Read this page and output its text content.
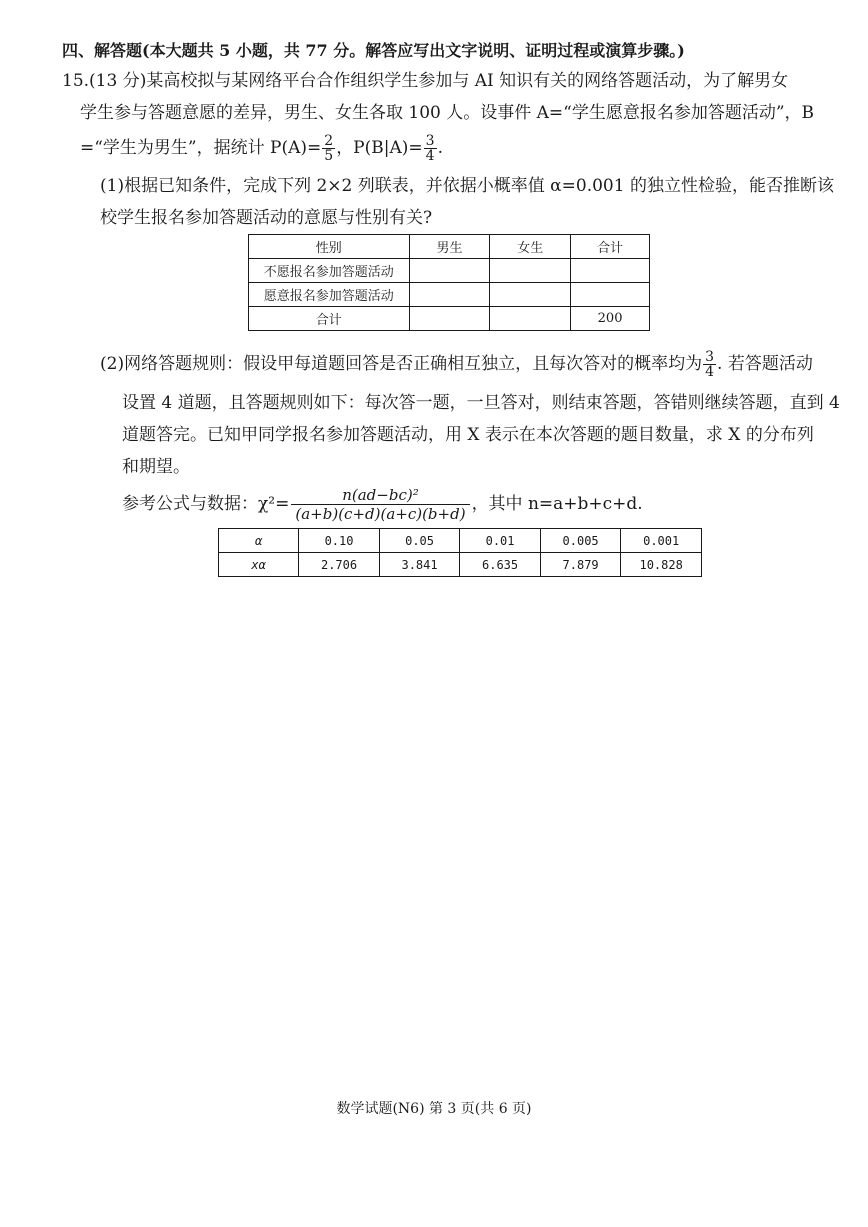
四、解答题(本大题共 5 小题，共 77 分。解答应写出文字说明、证明过程或演算步骤。)
15.(13 分)某高校拟与某网络平台合作组织学生参加与 AI 知识有关的网络答题活动，为了解男女
学生参与答题意愿的差异，男生、女生各取 100 人。设事件 A=“学生愿意报名参加答题活动”，B
=“学生为男生”，据统计 $P(A)= \frac{2}{5}$ ，$P(B|A)= \frac{3}{4}$ .
(1)根据已知条件，完成下列 2×2 列联表，并依据小概率值 α=0.001 的独立性检验，能否推断该
校学生报名参加答题活动的意愿与性别有关?
性别	男生	女生	合计
不愿报名参加答题活动			
愿意报名参加答题活动			
合计			200
(2)网络答题规则：假设甲每道题回答是否正确相互独立，且每次答对的概率均为 $\frac{3}{4}$ . 若答题活动
设置 4 道题，且答题规则如下：每次答一题，一旦答对，则结束答题，答错则继续答题，直到 4
道题答完。已知甲同学报名参加答题活动，用 X 表示在本次答题的题目数量，求 X 的分布列
和期望。
参考公式与数据：$\chi^2= \frac{\text{n(ad−bc)²}}{(a+b)(c+d)(a+c)(b+d)}$ ，其中 n=a+b+c+d.
α	0.10	0.05	0.01	0.005	0.001
xα	2.706	3.841	6.635	7.879	10.828
数学试题(N6) 第 3 页(共 6 页)
